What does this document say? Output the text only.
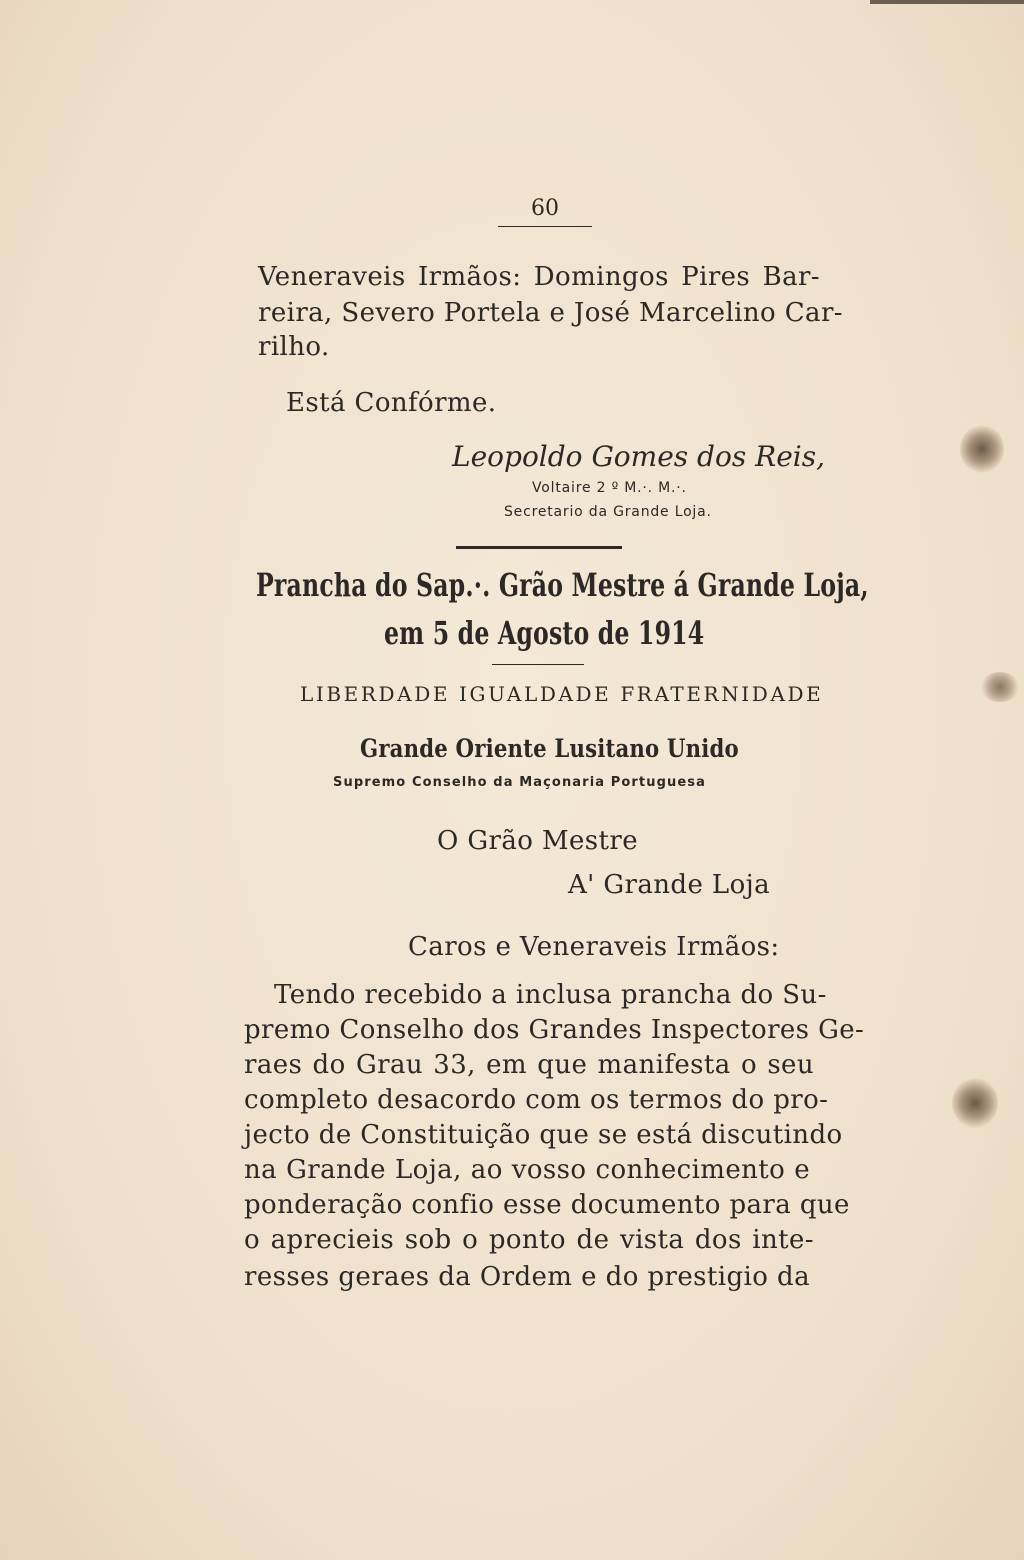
60
Veneraveis Irmãos: Domingos Pires Bar-
reira, Severo Portela e José Marcelino Car-
rilho.
Está Confórme.
Leopoldo Gomes dos Reis,
Voltaire 2 º M.·. M.·.
Secretario da Grande Loja.
Prancha do Sap.·. Grão Mestre á Grande Loja,
em 5 de Agosto de 1914
LIBERDADE IGUALDADE FRATERNIDADE
Grande Oriente Lusitano Unido
Supremo Conselho da Maçonaria Portuguesa
O Grão Mestre
A' Grande Loja
Caros e Veneraveis Irmãos:
Tendo recebido a inclusa prancha do Su-
premo Conselho dos Grandes Inspectores Ge-
raes do Grau 33, em que manifesta o seu
completo desacordo com os termos do pro-
jecto de Constituição que se está discutindo
na Grande Loja, ao vosso conhecimento e
ponderação confio esse documento para que
o aprecieis sob o ponto de vista dos inte-
resses geraes da Ordem e do prestigio da
